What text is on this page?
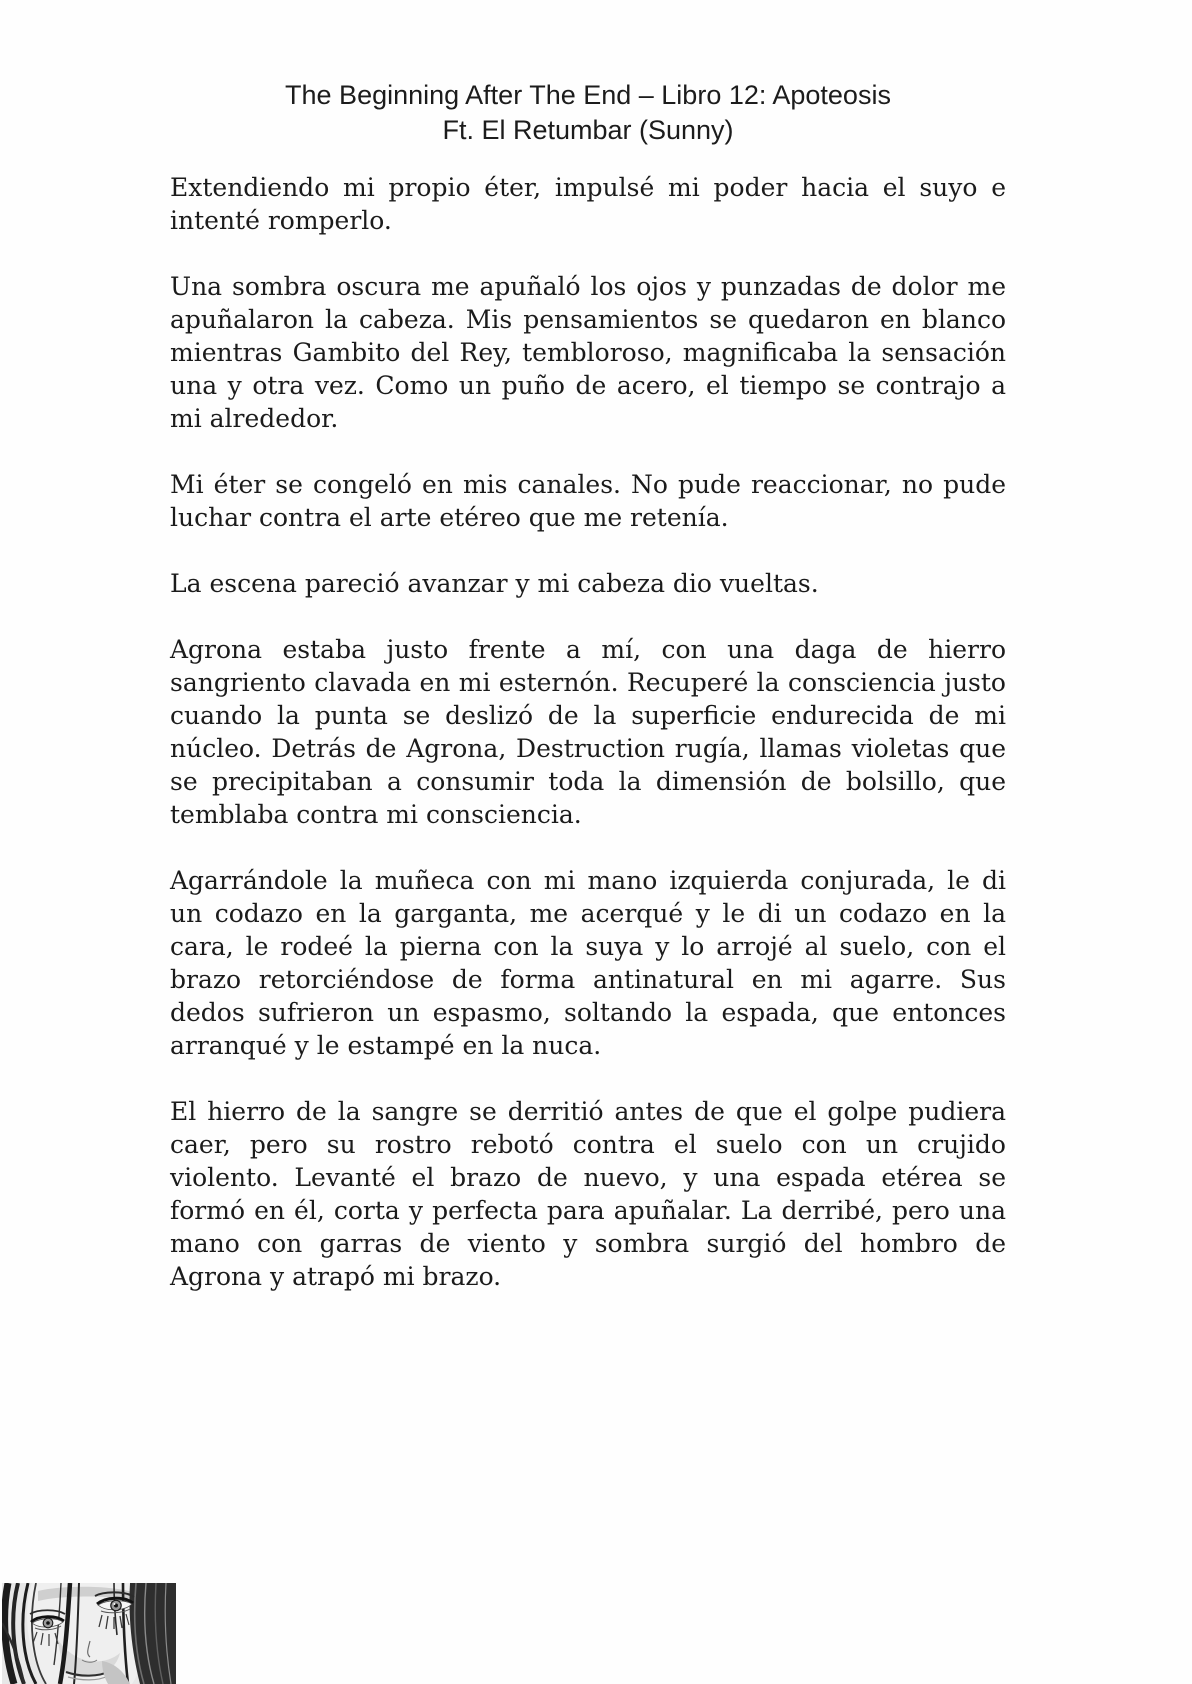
The Beginning After The End – Libro 12: Apoteosis
Ft. El Retumbar (Sunny)

Extendiendo mi propio éter, impulsé mi poder hacia el suyo e intenté romperlo.

Una sombra oscura me apuñaló los ojos y punzadas de dolor me apuñalaron la cabeza. Mis pensamientos se quedaron en blanco mientras Gambito del Rey, tembloroso, magnificaba la sensación una y otra vez. Como un puño de acero, el tiempo se contrajo a mi alrededor.

Mi éter se congeló en mis canales. No pude reaccionar, no pude luchar contra el arte etéreo que me retenía.

La escena pareció avanzar y mi cabeza dio vueltas.

Agrona estaba justo frente a mí, con una daga de hierro sangriento clavada en mi esternón. Recuperé la consciencia justo cuando la punta se deslizó de la superficie endurecida de mi núcleo. Detrás de Agrona, Destruction rugía, llamas violetas que se precipitaban a consumir toda la dimensión de bolsillo, que temblaba contra mi consciencia.

Agarrándole la muñeca con mi mano izquierda conjurada, le di un codazo en la garganta, me acerqué y le di un codazo en la cara, le rodeé la pierna con la suya y lo arrojé al suelo, con el brazo retorciéndose de forma antinatural en mi agarre. Sus dedos sufrieron un espasmo, soltando la espada, que entonces arranqué y le estampé en la nuca.

El hierro de la sangre se derritió antes de que el golpe pudiera caer, pero su rostro rebotó contra el suelo con un crujido violento. Levanté el brazo de nuevo, y una espada etérea se formó en él, corta y perfecta para apuñalar. La derribé, pero una mano con garras de viento y sombra surgió del hombro de Agrona y atrapó mi brazo.
